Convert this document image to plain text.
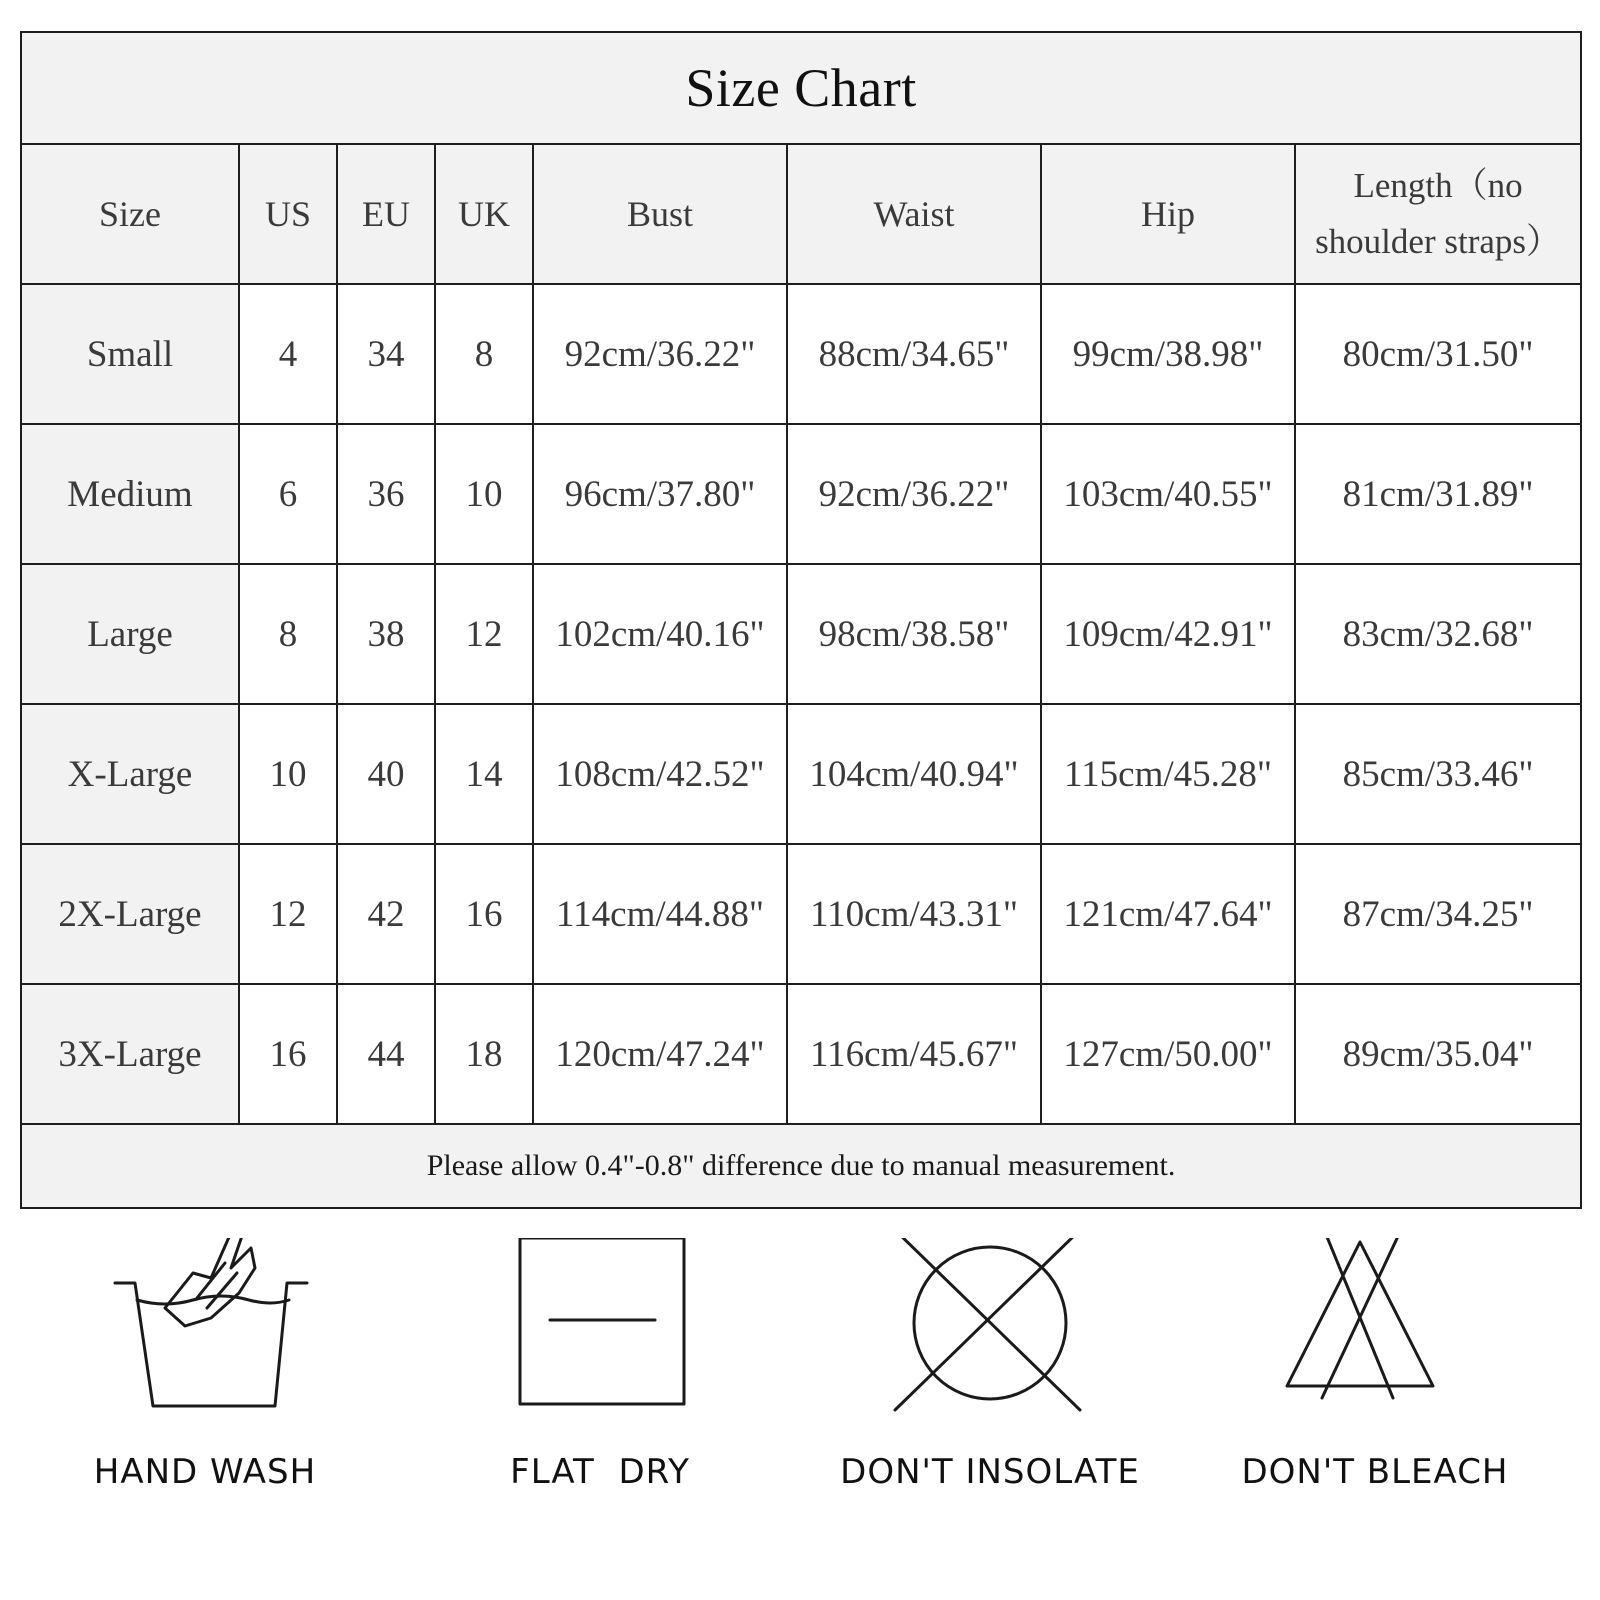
Size Chart							
Size	US	EU	UK	Bust	Waist	Hip	Length（no
shoulder straps）

Small	4	34	8	92cm/36.22"	88cm/34.65"	99cm/38.98"	80cm/31.50"
Medium	6	36	10	96cm/37.80"	92cm/36.22"	103cm/40.55"	81cm/31.89"
Large	8	38	12	102cm/40.16"	98cm/38.58"	109cm/42.91"	83cm/32.68"
X-Large	10	40	14	108cm/42.52"	104cm/40.94"	115cm/45.28"	85cm/33.46"
2X-Large	12	42	16	114cm/44.88"	110cm/43.31"	121cm/47.64"	87cm/34.25"
3X-Large	16	44	18	120cm/47.24"	116cm/45.67"	127cm/50.00"	89cm/35.04"
Please allow 0.4"-0.8" difference due to manual measurement.							
HAND WASH	FLAT  DRY	DON'T INSOLATE	DON'T BLEACH
